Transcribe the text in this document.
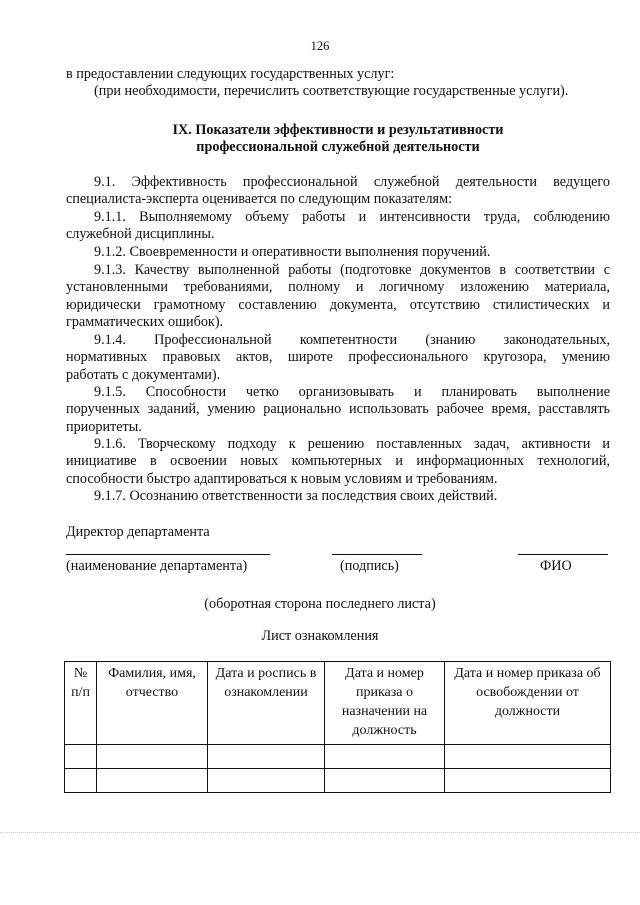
126
в предоставлении следующих государственных услуг:
(при необходимости, перечислить соответствующие государственные услуги).
IX. Показатели эффективности и результативности
профессиональной служебной деятельности
9.1. Эффективность профессиональной служебной деятельности ведущего
специалиста-эксперта оценивается по следующим показателям:
9.1.1. Выполняемому объему работы и интенсивности труда, соблюдению
служебной дисциплины.
9.1.2. Своевременности и оперативности выполнения поручений.
9.1.3. Качеству выполненной работы (подготовке документов в соответствии с
установленными требованиями, полному и логичному изложению материала,
юридически грамотному составлению документа, отсутствию стилистических и
грамматических ошибок).
9.1.4. Профессиональной компетентности (знанию законодательных,
нормативных правовых актов, широте профессионального кругозора, умению
работать с документами).
9.1.5. Способности четко организовывать и планировать выполнение
порученных заданий, умению рационально использовать рабочее время, расставлять
приоритеты.
9.1.6. Творческому подходу к решению поставленных задач, активности и
инициативе в освоении новых компьютерных и информационных технологий,
способности быстро адаптироваться к новым условиям и требованиям.
9.1.7. Осознанию ответственности за последствия своих действий.
Директор департамента
(наименование департамента)	(подпись)	ФИО
(оборотная сторона последнего листа)
Лист ознакомления
№ п/п	Фамилия, имя, отчество	Дата и роспись в ознакомлении	Дата и номер приказа о назначении на должность	Дата и номер приказа об освобождении от должности
